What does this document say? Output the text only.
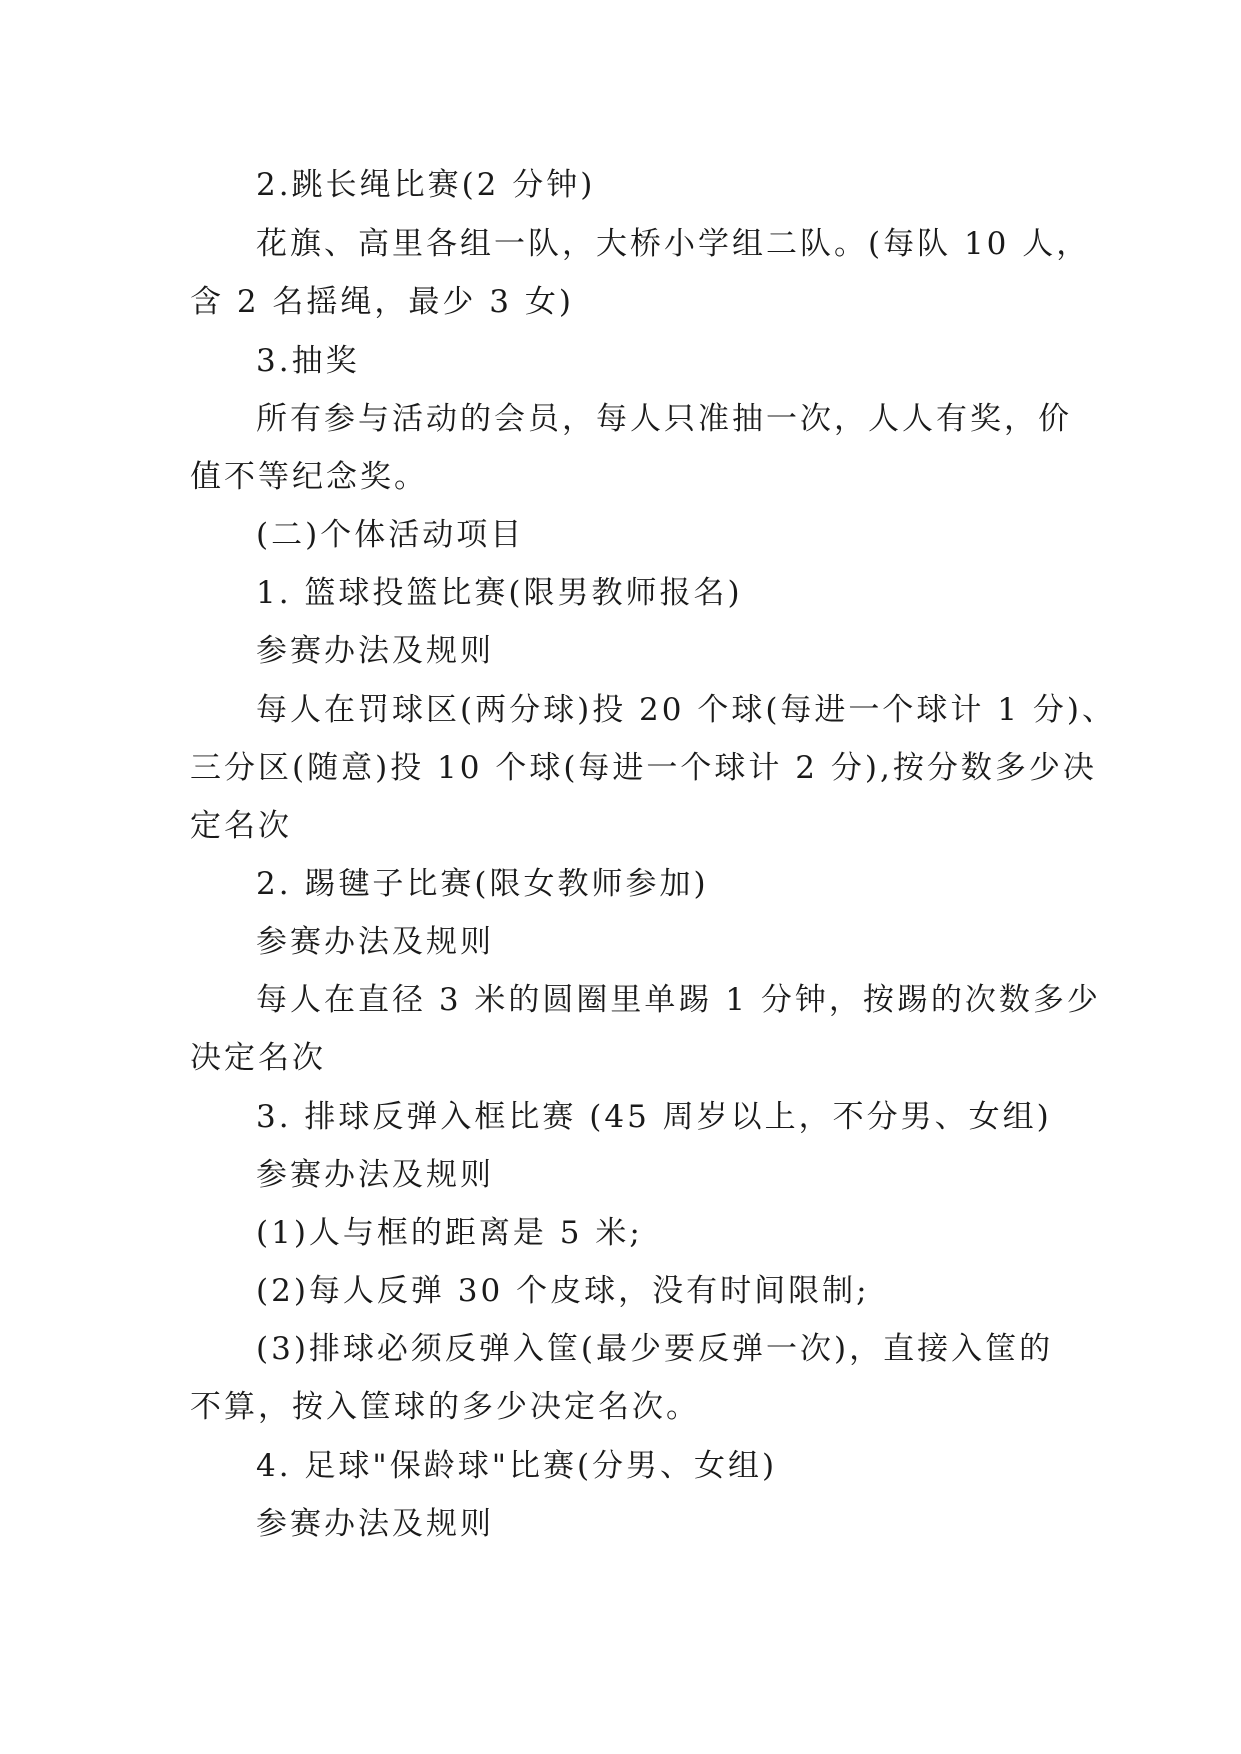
2.跳长绳比赛(2 分钟)
花旗、高里各组一队，大桥小学组二队。(每队 10 人，
含 2 名摇绳，最少 3 女)
3.抽奖
所有参与活动的会员，每人只准抽一次，人人有奖，价
值不等纪念奖。
(二)个体活动项目
1. 篮球投篮比赛(限男教师报名)
参赛办法及规则
每人在罚球区(两分球)投 20 个球(每进一个球计 1 分)、
三分区(随意)投 10 个球(每进一个球计 2 分),按分数多少决
定名次
2. 踢毽子比赛(限女教师参加)
参赛办法及规则
每人在直径 3 米的圆圈里单踢 1 分钟，按踢的次数多少
决定名次
3. 排球反弹入框比赛 (45 周岁以上，不分男、女组)
参赛办法及规则
(1)人与框的距离是 5 米;
(2)每人反弹 30 个皮球，没有时间限制;
(3)排球必须反弹入筐(最少要反弹一次)，直接入筐的
不算，按入筐球的多少决定名次。
4. 足球"保龄球"比赛(分男、女组)
参赛办法及规则
